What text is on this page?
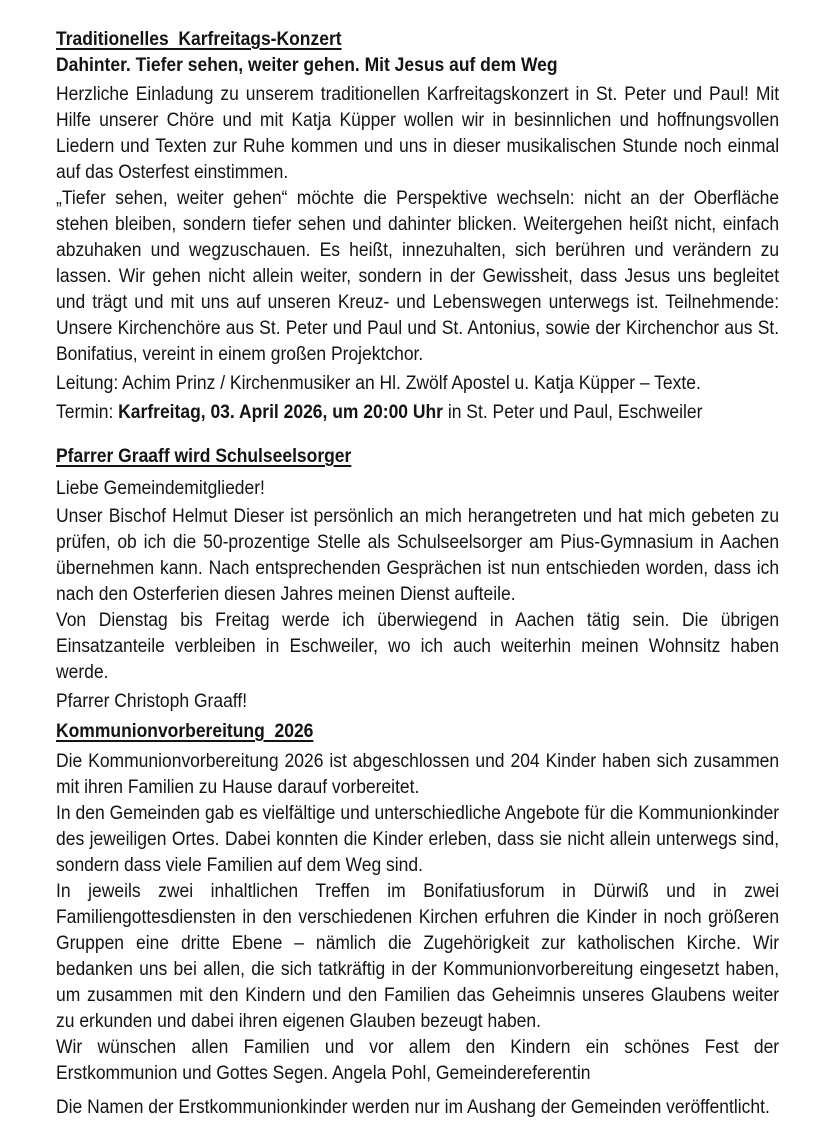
Traditionelles  Karfreitags-Konzert
Dahinter. Tiefer sehen, weiter gehen. Mit Jesus auf dem Weg
Herzliche Einladung zu unserem traditionellen Karfreitagskonzert in St. Peter und Paul! Mit Hilfe unserer Chöre und mit Katja Küpper wollen wir in besinnlichen und hoffnungsvollen Liedern und Texten zur Ruhe kommen und uns in dieser musikalischen Stunde noch einmal auf das Osterfest einstimmen.
„Tiefer sehen, weiter gehen“ möchte die Perspektive wechseln: nicht an der Oberfläche stehen bleiben, sondern tiefer sehen und dahinter blicken. Weitergehen heißt nicht, einfach abzuhaken und wegzuschauen. Es heißt, innezuhalten, sich berühren und verändern zu lassen. Wir gehen nicht allein weiter, sondern in der Gewissheit, dass Jesus uns begleitet und trägt und mit uns auf unseren Kreuz- und Lebenswegen unterwegs ist. Teilnehmende: Unsere Kirchenchöre aus St. Peter und Paul und St. Antonius, sowie der Kirchenchor aus St. Bonifatius, vereint in einem großen Projektchor.
Leitung: Achim Prinz / Kirchenmusiker an Hl. Zwölf Apostel u. Katja Küpper – Texte.
Termin: Karfreitag, 03. April 2026, um 20:00 Uhr in St. Peter und Paul, Eschweiler
Pfarrer Graaff wird Schulseelsorger
Liebe Gemeindemitglieder!
Unser Bischof Helmut Dieser ist persönlich an mich herangetreten und hat mich gebeten zu prüfen, ob ich die 50-prozentige Stelle als Schulseelsorger am Pius-Gymnasium in Aachen übernehmen kann. Nach entsprechenden Gesprächen ist nun entschieden worden, dass ich nach den Osterferien diesen Jahres meinen Dienst aufteile.
Von Dienstag bis Freitag werde ich überwiegend in Aachen tätig sein. Die übrigen Einsatzanteile verbleiben in Eschweiler, wo ich auch weiterhin meinen Wohnsitz haben werde.
Pfarrer Christoph Graaff!
Kommunionvorbereitung  2026
Die Kommunionvorbereitung 2026 ist abgeschlossen und 204 Kinder haben sich zusammen mit ihren Familien zu Hause darauf vorbereitet.
In den Gemeinden gab es vielfältige und unterschiedliche Angebote für die Kommunionkinder des jeweiligen Ortes. Dabei konnten die Kinder erleben, dass sie nicht allein unterwegs sind, sondern dass viele Familien auf dem Weg sind.
In jeweils zwei inhaltlichen Treffen im Bonifatiusforum in Dürwiß und in zwei Familiengottesdiensten in den verschiedenen Kirchen erfuhren die Kinder in noch größeren Gruppen eine dritte Ebene – nämlich die Zugehörigkeit zur katholischen Kirche. Wir bedanken uns bei allen, die sich tatkräftig in der Kommunionvorbereitung eingesetzt haben, um zusammen mit den Kindern und den Familien das Geheimnis unseres Glaubens weiter zu erkunden und dabei ihren eigenen Glauben bezeugt haben.
Wir wünschen allen Familien und vor allem den Kindern ein schönes Fest der Erstkommunion und Gottes Segen. Angela Pohl, Gemeindereferentin
Die Namen der Erstkommunionkinder werden nur im Aushang der Gemeinden veröffentlicht.
